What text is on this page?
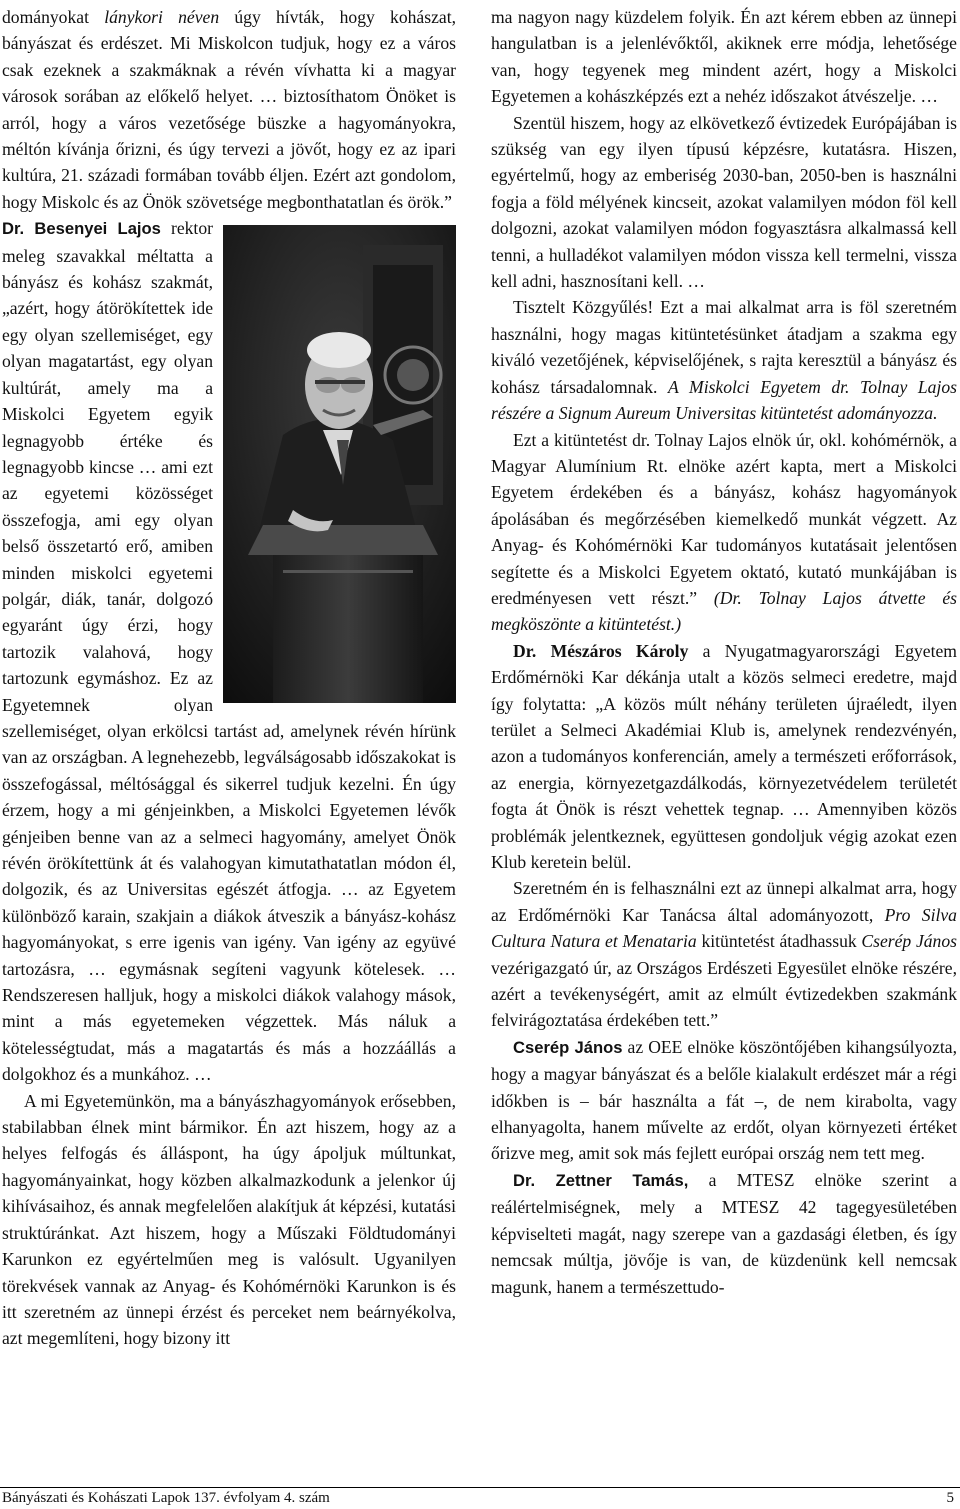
dományokat lánykori néven úgy hívták, hogy kohászat, bányászat és erdészet. Mi Miskolcon tudjuk, hogy ez a város csak ezeknek a szakmáknak a révén vívhatta ki a magyar városok sorában az előkelő helyet. … biztosíthatom Önöket is arról, hogy a város vezetősége büszke a hagyományokra, méltón kívánja őrizni, és úgy tervezi a jövőt, hogy ez az ipari kultúra, 21. századi formában tovább éljen. Ezért azt gondolom, hogy Miskolc és az Önök szövetsége megbonthatatlan és örök.”

Dr. Besenyei Lajos rektor meleg szavakkal méltatta a bányász és kohász szakmát, „azért, hogy átörökítettek ide egy olyan szellemiséget, egy olyan magatartást, egy olyan kultúrát, amely ma a Miskolci Egyetem egyik legnagyobb értéke és legnagyobb kincse … ami ezt az egyetemi közösséget összefogja, ami egy olyan belső összetartó erő, amiben minden miskolci egyetemi polgár, diák, tanár, dolgozó egyaránt úgy érzi, hogy tartozik valahová, hogy tartozunk egymáshoz. Ez az Egyetemnek olyan szellemiséget, olyan erkölcsi tartást ad, amelynek révén hírünk van az országban. A legnehezebb, legválságosabb időszakokat is összefogással, méltósággal és sikerrel tudjuk kezelni. Én úgy érzem, hogy a mi génjeinkben, a Miskolci Egyetemen lévők génjeiben benne van az a selmeci hagyomány, amelyet Önök révén örökítettünk át és valahogyan kimutathatatlan módon él, dolgozik, és az Universitas egészét átfogja. … az Egyetem különböző karain, szakjain a diákok átveszik a bányász-kohász hagyományokat, s erre igenis van igény. Van igény az együvé tartozásra, … egymásnak segíteni vagyunk kötelesek. … Rendszeresen halljuk, hogy a miskolci diákok valahogy mások, mint a más egyetemeken végzettek. Más náluk a kötelességtudat, más a magatartás és más a hozzáállás a dolgokhoz és a munkához. …

A mi Egyetemünkön, ma a bányászhagyományok erősebben, stabilabban élnek mint bármikor. Én azt hiszem, hogy az a helyes felfogás és álláspont, ha úgy ápoljuk múltunkat, hagyományainkat, hogy közben alkalmazkodunk a jelenkor új kihívásaihoz, és annak megfelelően alakítjuk át képzési, kutatási struktúránkat. Azt hiszem, hogy a Műszaki Földtudományi Karunkon ez egyértelműen meg is valósult. Ugyanilyen törekvések vannak az Anyag- és Kohómérnöki Karunkon is és itt szeretném az ünnepi érzést és perceket nem beárnyékolva, azt megemlíteni, hogy bizony itt

ma nagyon nagy küzdelem folyik. Én azt kérem ebben az ünnepi hangulatban is a jelenlévőktől, akiknek erre módja, lehetősége van, hogy tegyenek meg mindent azért, hogy a Miskolci Egyetemen a kohászképzés ezt a nehéz időszakot átvészelje. …

Szentül hiszem, hogy az elkövetkező évtizedek Európájában is szükség van egy ilyen típusú képzésre, kutatásra. Hiszen, egyértelmű, hogy az emberiség 2030-ban, 2050-ben is használni fogja a föld mélyének kincseit, azokat valamilyen módon föl kell dolgozni, azokat valamilyen módon fogyasztásra alkalmassá kell tenni, a hulladékot valamilyen módon vissza kell termelni, vissza kell adni, hasznosítani kell. …

Tisztelt Közgyűlés! Ezt a mai alkalmat arra is föl szeretném használni, hogy magas kitüntetésünket átadjam a szakma egy kiváló vezetőjének, képviselőjének, s rajta keresztül a bányász és kohász társadalomnak. A Miskolci Egyetem dr. Tolnay Lajos részére a Signum Aureum Universitas kitüntetést adományozza.

Ezt a kitüntetést dr. Tolnay Lajos elnök úr, okl. kohómérnök, a Magyar Alumínium Rt. elnöke azért kapta, mert a Miskolci Egyetem érdekében és a bányász, kohász hagyományok ápolásában és megőrzésében kiemelkedő munkát végzett. Az Anyag- és Kohómérnöki Kar tudományos kutatásait jelentősen segítette és a Miskolci Egyetem oktató, kutató munkájában is eredményesen vett részt.” (Dr. Tolnay Lajos átvette és megköszönte a kitüntetést.)

Dr. Mészáros Károly a Nyugatmagyarországi Egyetem Erdőmérnöki Kar dékánja utalt a közös selmeci eredetre, majd így folytatta: „A közös múlt néhány területen újraéledt, ilyen terület a Selmeci Akadémiai Klub is, amelynek rendezvényén, azon a tudományos konferencián, amely a természeti erőforrások, az energia, környezetgazdálkodás, környezetvédelem területét fogta át Önök is részt vehettek tegnap. … Amennyiben közös problémák jelentkeznek, együttesen gondoljuk végig azokat ezen Klub keretein belül.

Szeretném én is felhasználni ezt az ünnepi alkalmat arra, hogy az Erdőmérnöki Kar Tanácsa által adományozott, Pro Silva Cultura Natura et Menataria kitüntetést átadhassuk Cserép János vezérigazgató úr, az Országos Erdészeti Egyesület elnöke részére, azért a tevékenységért, amit az elmúlt évtizedekben szakmánk felvirágoztatása érdekében tett.”

Cserép János az OEE elnöke köszöntőjében kihangsúlyozta, hogy a magyar bányászat és a belőle kialakult erdészet már a régi időkben is – bár használta a fát –, de nem kirabolta, vagy elhanyagolta, hanem művelte az erdőt, olyan környezeti értéket őrizve meg, amit sok más fejlett európai ország nem tett meg.

Dr. Zettner Tamás, a MTESZ elnöke szerint a reálértelmiségnek, mely a MTESZ 42 tagegyesületében képviselteti magát, nagy szerepe van a gazdasági életben, és így nemcsak múltja, jövője is van, de küzdenünk kell nemcsak magunk, hanem a természettudo-

Bányászati és Kohászati Lapok 137. évfolyam 4. szám	5
